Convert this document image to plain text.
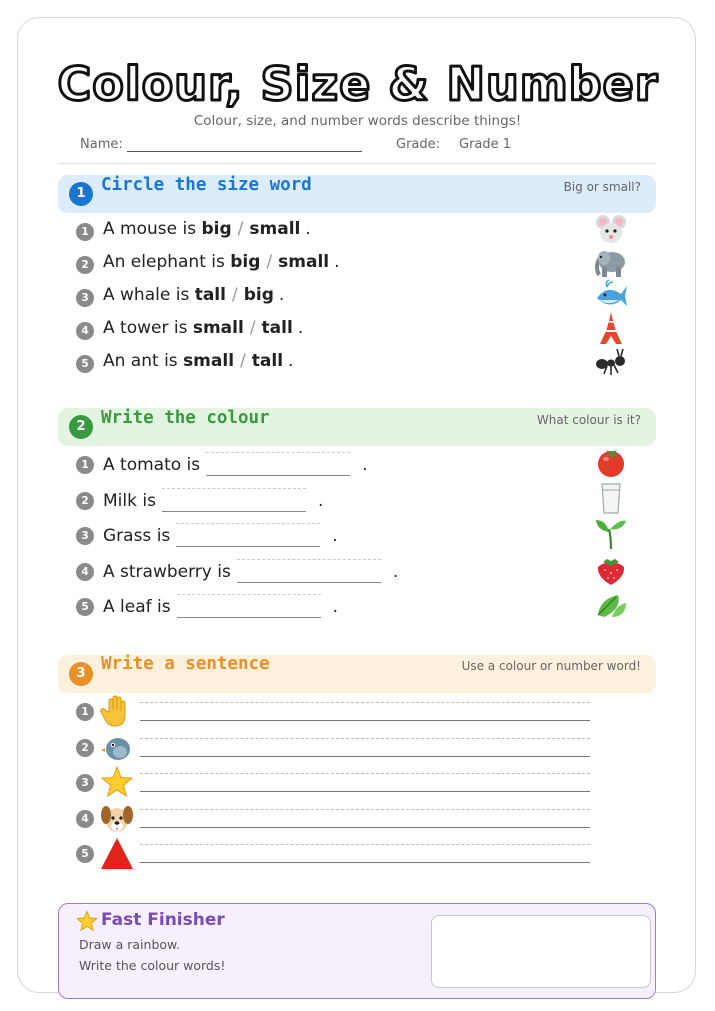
Colour, Size & Number
Colour, size, and number words describe things!
Name:	Grade: Grade 1
1 Circle the size word	Big or small?
1 A mouse is big / small .
2 An elephant is big / small .
3 A whale is tall / big .
4 A tower is small / tall .
5 An ant is small / tall .
2 Write the colour	What colour is it?
1 A tomato is	.
2 Milk is	.
3 Grass is	.
4 A strawberry is	.
5 A leaf is	.
3 Write a sentence	Use a colour or number word!
1
2
3
4
5
Fast Finisher
Draw a rainbow.
Write the colour words!
